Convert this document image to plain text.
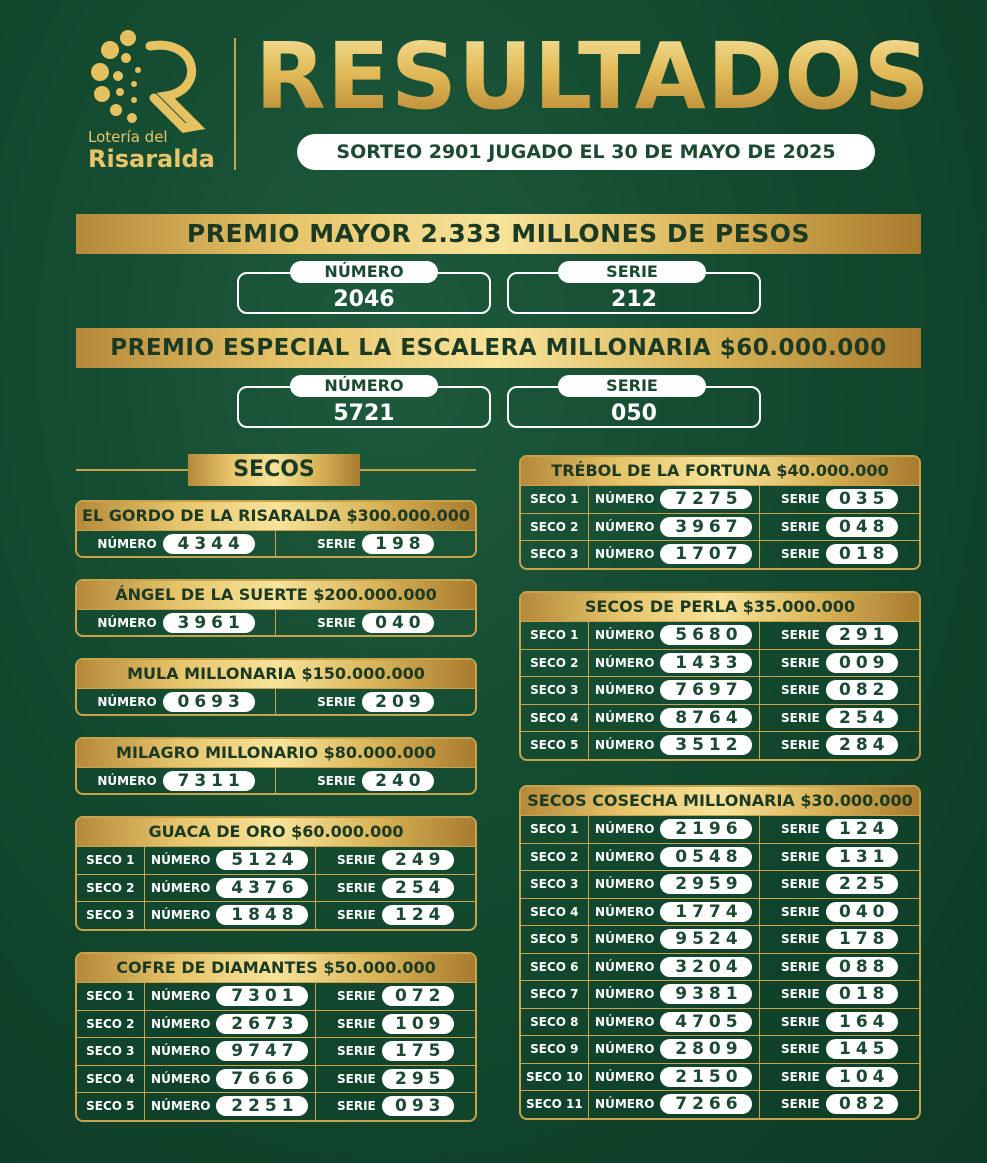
Lotería del
Risaralda
RESULTADOS
SORTEO 2901 JUGADO EL 30 DE MAYO DE 2025
PREMIO MAYOR 2.333 MILLONES DE PESOS
2046
NÚMERO
212
SERIE
PREMIO ESPECIAL LA ESCALERA MILLONARIA $60.000.000
5721
NÚMERO
050
SERIE
SECOS
EL GORDO DE LA RISARALDA $300.000.000
NÚMERO	4344	SERIE	198
ÁNGEL DE LA SUERTE $200.000.000
NÚMERO	3961	SERIE	040
MULA MILLONARIA $150.000.000
NÚMERO	0693	SERIE	209
MILAGRO MILLONARIO $80.000.000
NÚMERO	7311	SERIE	240
GUACA DE ORO $60.000.000
SECO 1	NÚMERO	5124	SERIE	249
SECO 2	NÚMERO	4376	SERIE	254
SECO 3	NÚMERO	1848	SERIE	124
COFRE DE DIAMANTES $50.000.000
SECO 1	NÚMERO	7301	SERIE	072
SECO 2	NÚMERO	2673	SERIE	109
SECO 3	NÚMERO	9747	SERIE	175
SECO 4	NÚMERO	7666	SERIE	295
SECO 5	NÚMERO	2251	SERIE	093
TRÉBOL DE LA FORTUNA $40.000.000
SECO 1	NÚMERO	7275	SERIE	035
SECO 2	NÚMERO	3967	SERIE	048
SECO 3	NÚMERO	1707	SERIE	018
SECOS DE PERLA $35.000.000
SECO 1	NÚMERO	5680	SERIE	291
SECO 2	NÚMERO	1433	SERIE	009
SECO 3	NÚMERO	7697	SERIE	082
SECO 4	NÚMERO	8764	SERIE	254
SECO 5	NÚMERO	3512	SERIE	284
SECOS COSECHA MILLONARIA $30.000.000
SECO 1	NÚMERO	2196	SERIE	124
SECO 2	NÚMERO	0548	SERIE	131
SECO 3	NÚMERO	2959	SERIE	225
SECO 4	NÚMERO	1774	SERIE	040
SECO 5	NÚMERO	9524	SERIE	178
SECO 6	NÚMERO	3204	SERIE	088
SECO 7	NÚMERO	9381	SERIE	018
SECO 8	NÚMERO	4705	SERIE	164
SECO 9	NÚMERO	2809	SERIE	145
SECO 10	NÚMERO	2150	SERIE	104
SECO 11	NÚMERO	7266	SERIE	082
